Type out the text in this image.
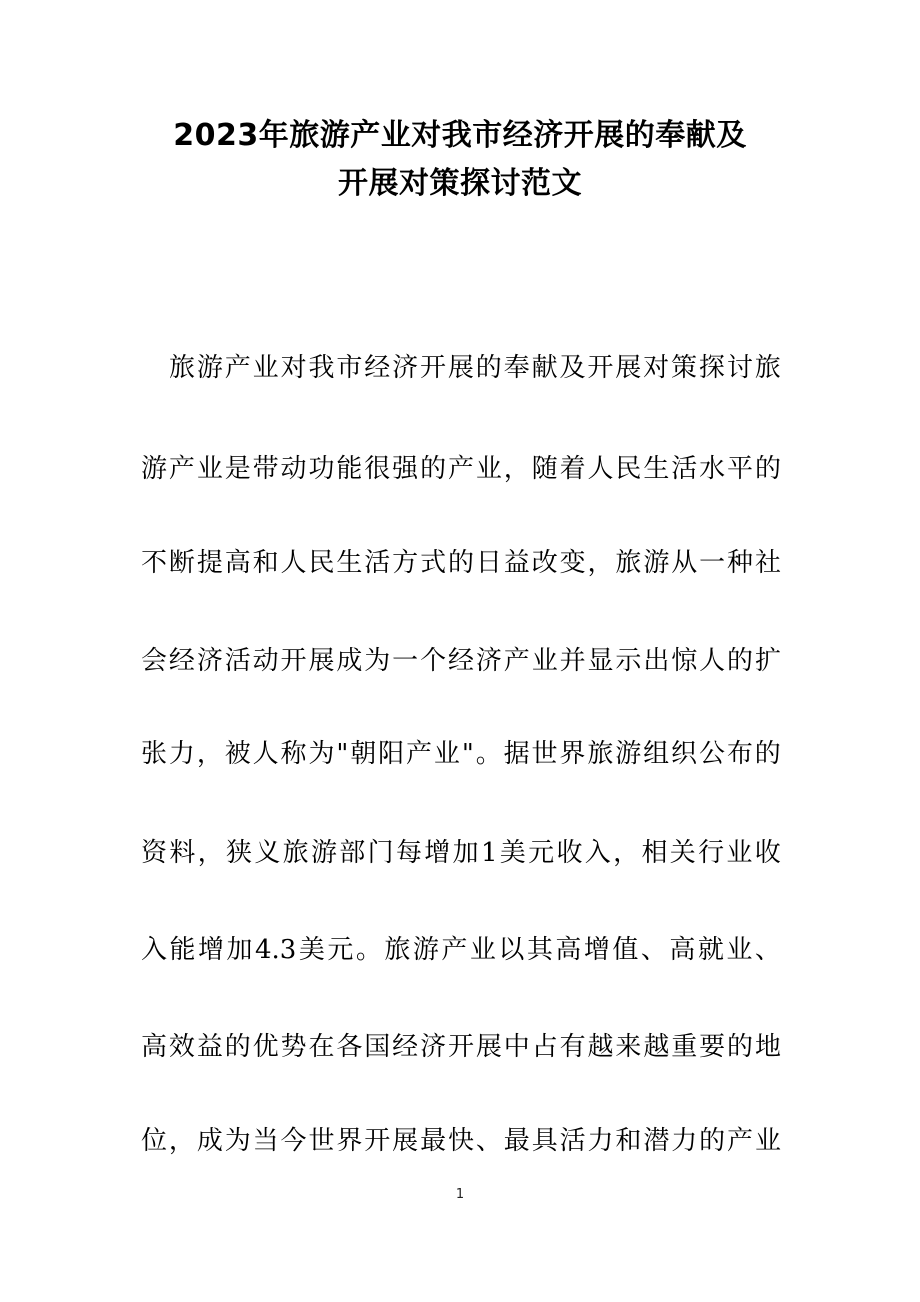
2023年旅游产业对我市经济开展的奉献及
开展对策探讨范文
旅 游 产 业 对 我 市 经 济 开 展 的 奉 献 及 开 展 对 策 探 讨 旅
游 产 业 是 带 动 功 能 很 强 的 产 业 ， 随 着 人 民 生 活 水 平 的
不 断 提 高 和 人 民 生 活 方 式 的 日 益 改 变 ， 旅 游 从 一 种 社
会 经 济 活 动 开 展 成 为 一 个 经 济 产 业 并 显 示 出 惊 人 的 扩
张 力 ， 被 人 称 为 " 朝 阳 产 业 " 。 据 世 界 旅 游 组 织 公 布 的
资 料 ， 狭 义 旅 游 部 门 每 增 加 1 美 元 收 入 ， 相 关 行 业 收
入 能 增 加 4.3 美 元 。 旅 游 产 业 以 其 高 增 值 、 高 就 业 、
高 效 益 的 优 势 在 各 国 经 济 开 展 中 占 有 越 来 越 重 要 的 地
位 ， 成 为 当 今 世 界 开 展 最 快 、 最 具 活 力 和 潜 力 的 产 业
1
